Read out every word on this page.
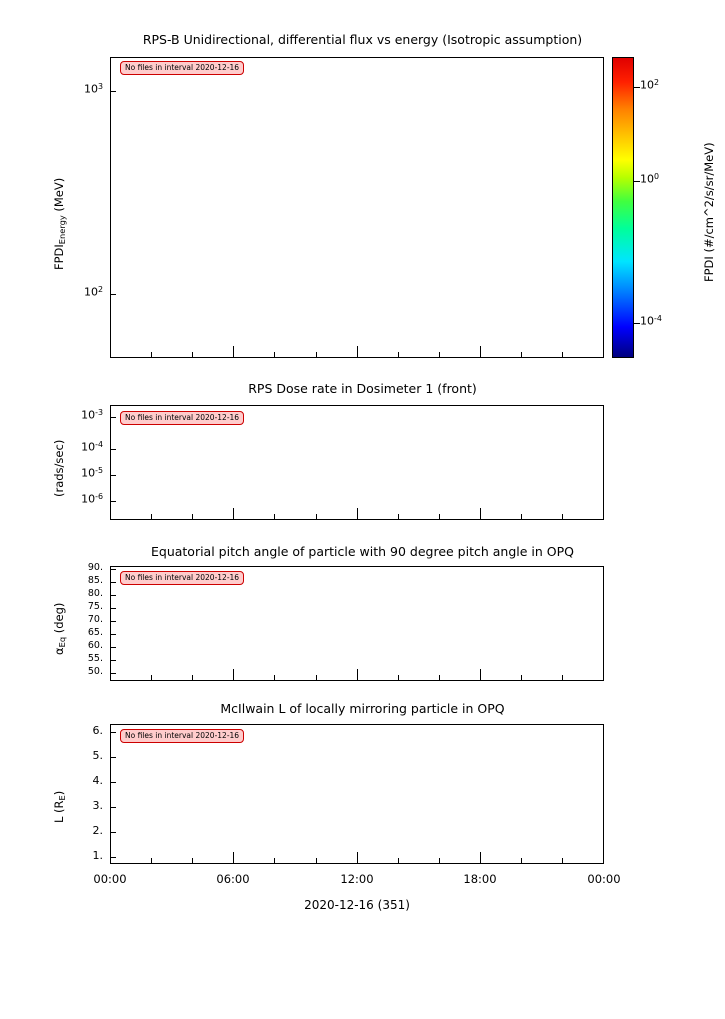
RPS-B Unidirectional, differential flux vs energy (Isotropic assumption)
No files in interval 2020-12-16
$10^3$
$10^2$
$FPDI_{Energy}$ (MeV)
$10^2$
$10^0$
$10^{-4}$
FPDI (#/cm^2/s/sr/MeV)
RPS Dose rate in Dosimeter 1 (front)
No files in interval 2020-12-16
$10^{-3}$
$10^{-4}$
$10^{-5}$
$10^{-6}$
(rads/sec)
Equatorial pitch angle of particle with 90 degree pitch angle in OPQ
No files in interval 2020-12-16
90.
85.
80.
75.
70.
65.
60.
55.
50.
$\alpha_{Eq}$ (deg)
McIlwain L of locally mirroring particle in OPQ
No files in interval 2020-12-16
6.
5.
4.
3.
2.
1.
L $(R_E)$
00:00	06:00	12:00	18:00	00:00
2020-12-16 (351)
